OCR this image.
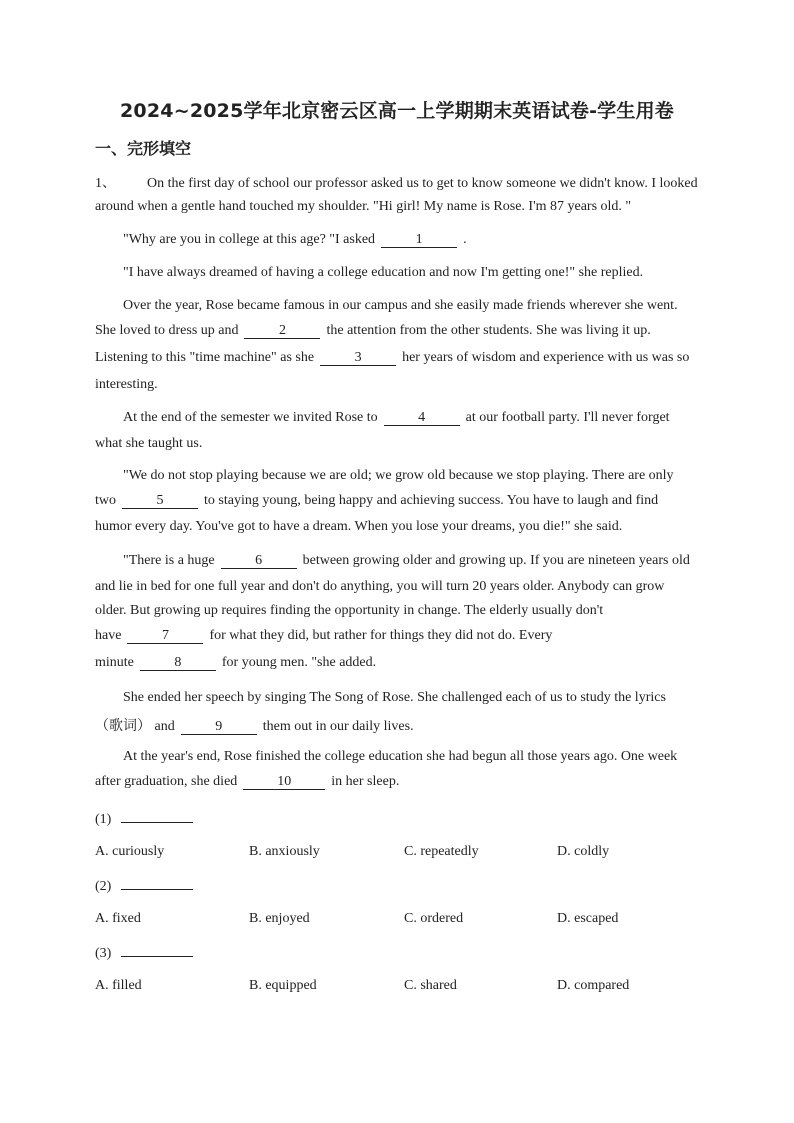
2024~2025学年北京密云区高一上学期期末英语试卷-学生用卷
一、完形填空
1、 On the first day of school our professor asked us to get to know someone we didn't know. I looked
around when a gentle hand touched my shoulder. "Hi girl! My name is Rose. I'm 87 years old. "
"Why are you in college at this age? "I asked	1	.
"I have always dreamed of having a college education and now I'm getting one!" she replied.
Over the year, Rose became famous in our campus and she easily made friends wherever she went.
She loved to dress up and	2	the attention from the other students. She was living it up.
Listening to this "time machine" as she	3	her years of wisdom and experience with us was so
interesting.
At the end of the semester we invited Rose to	4	at our football party. I'll never forget
what she taught us.
"We do not stop playing because we are old; we grow old because we stop playing. There are only
two	5	to staying young, being happy and achieving success. You have to laugh and find
humor every day. You've got to have a dream. When you lose your dreams, you die!" she said.
"There is a huge	6	between growing older and growing up. If you are nineteen years old
and lie in bed for one full year and don't do anything, you will turn 20 years older. Anybody can grow
older. But growing up requires finding the opportunity in change. The elderly usually don't
have	7	for what they did, but rather for things they did not do. Every
minute	8	for young men. "she added.
She ended her speech by singing The Song of Rose. She challenged each of us to study the lyrics
（歌词） and	9	them out in our daily lives.
At the year's end, Rose finished the college education she had begun all those years ago. One week
after graduation, she died	10	in her sleep.
(1)
A. curiously	B. anxiously	C. repeatedly	D. coldly
(2)
A. fixed	B. enjoyed	C. ordered	D. escaped
(3)
A. filled	B. equipped	C. shared	D. compared
